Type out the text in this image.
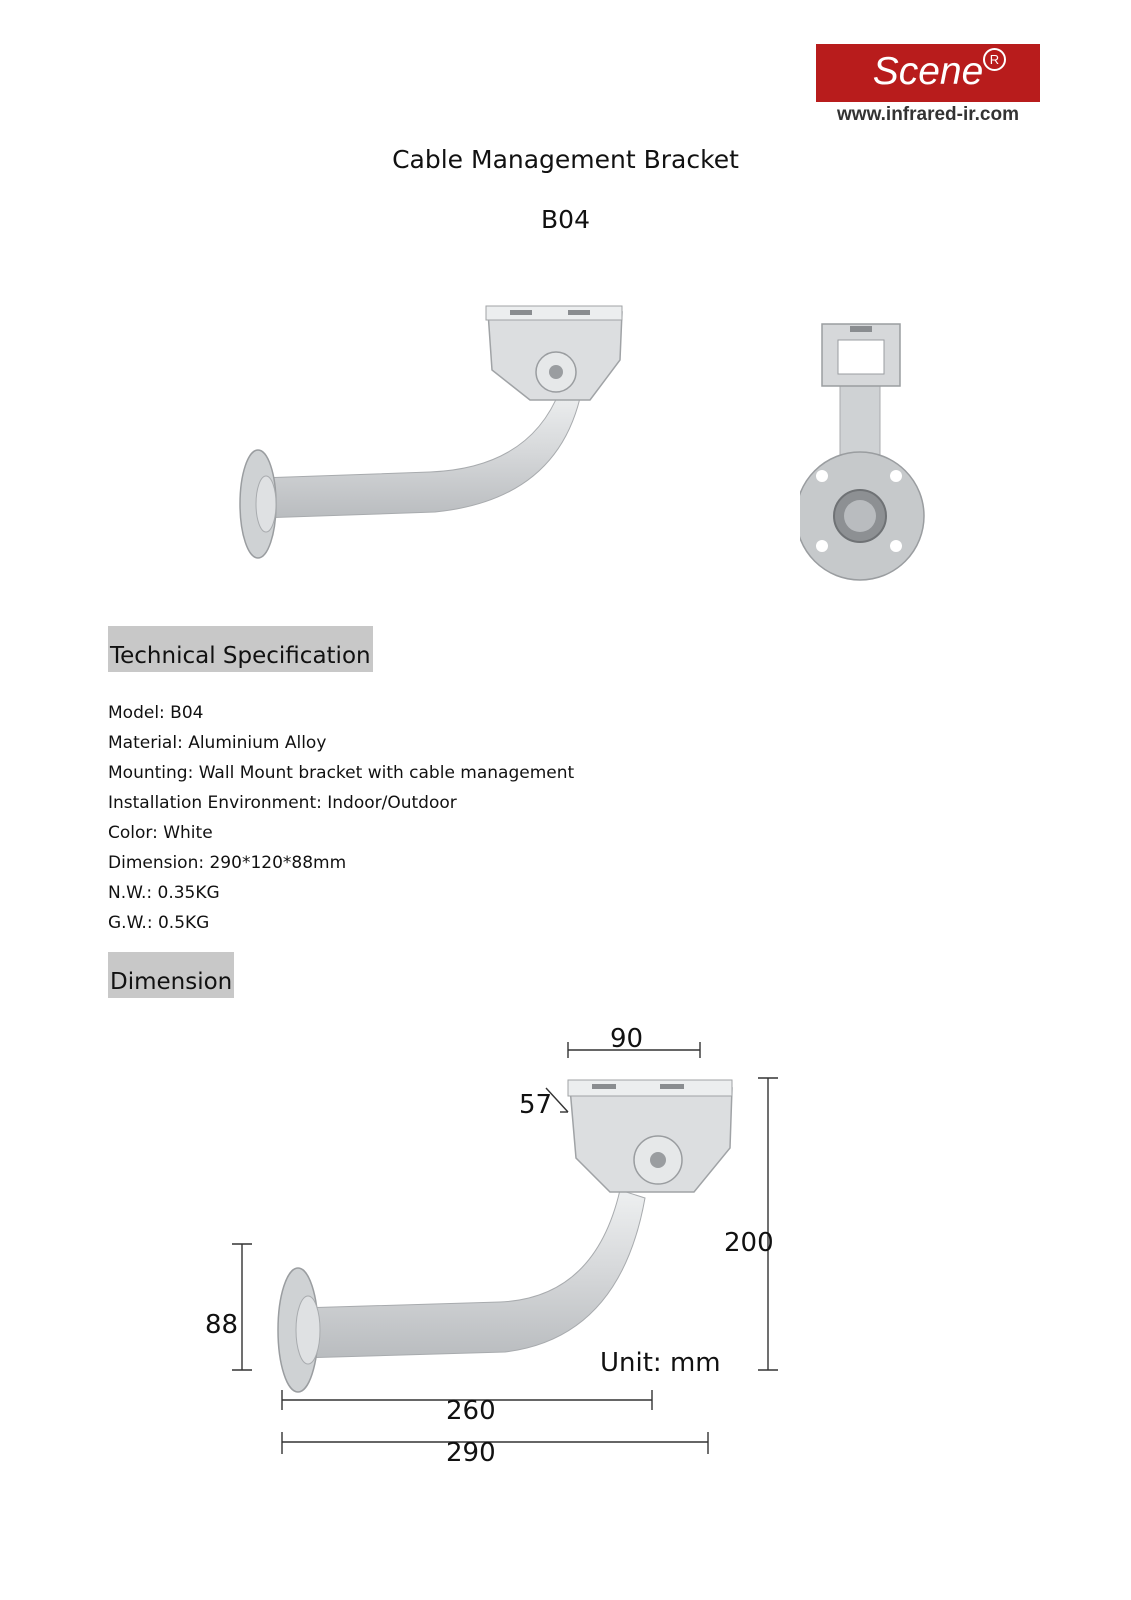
Scene R
www.infrared-ir.com
Cable Management Bracket
B04
Technical Specification
Model: B04
Material: Aluminium Alloy
Mounting: Wall Mount bracket with cable management
Installation Environment: Indoor/Outdoor
Color: White
Dimension: 290*120*88mm
N.W.: 0.35KG
G.W.: 0.5KG
Dimension
90
57
200
88
Unit: mm
260
290
